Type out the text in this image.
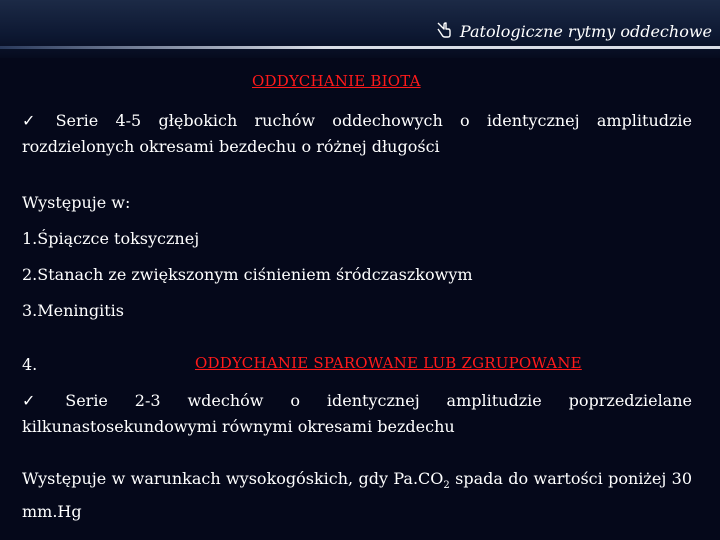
Patologiczne rytmy oddechowe
ODDYCHANIE BIOTA
✓ Serie 4-5 głębokich ruchów oddechowych o identycznej amplitudzie rozdzielonych okresami bezdechu o różnej długości
Występuje w:
1.Śpiączce toksycznej
2.Stanach ze zwiększonym ciśnieniem śródczaszkowym
3.Meningitis
4.	ODDYCHANIE SPAROWANE LUB ZGRUPOWANE
✓ Serie 2-3 wdechów o identycznej amplitudzie poprzedzielane kilkunastosekundowymi równymi okresami bezdechu
Występuje w warunkach wysokogóskich, gdy $Pa.CO_2$ spada do wartości poniżej 30 mm.Hg
